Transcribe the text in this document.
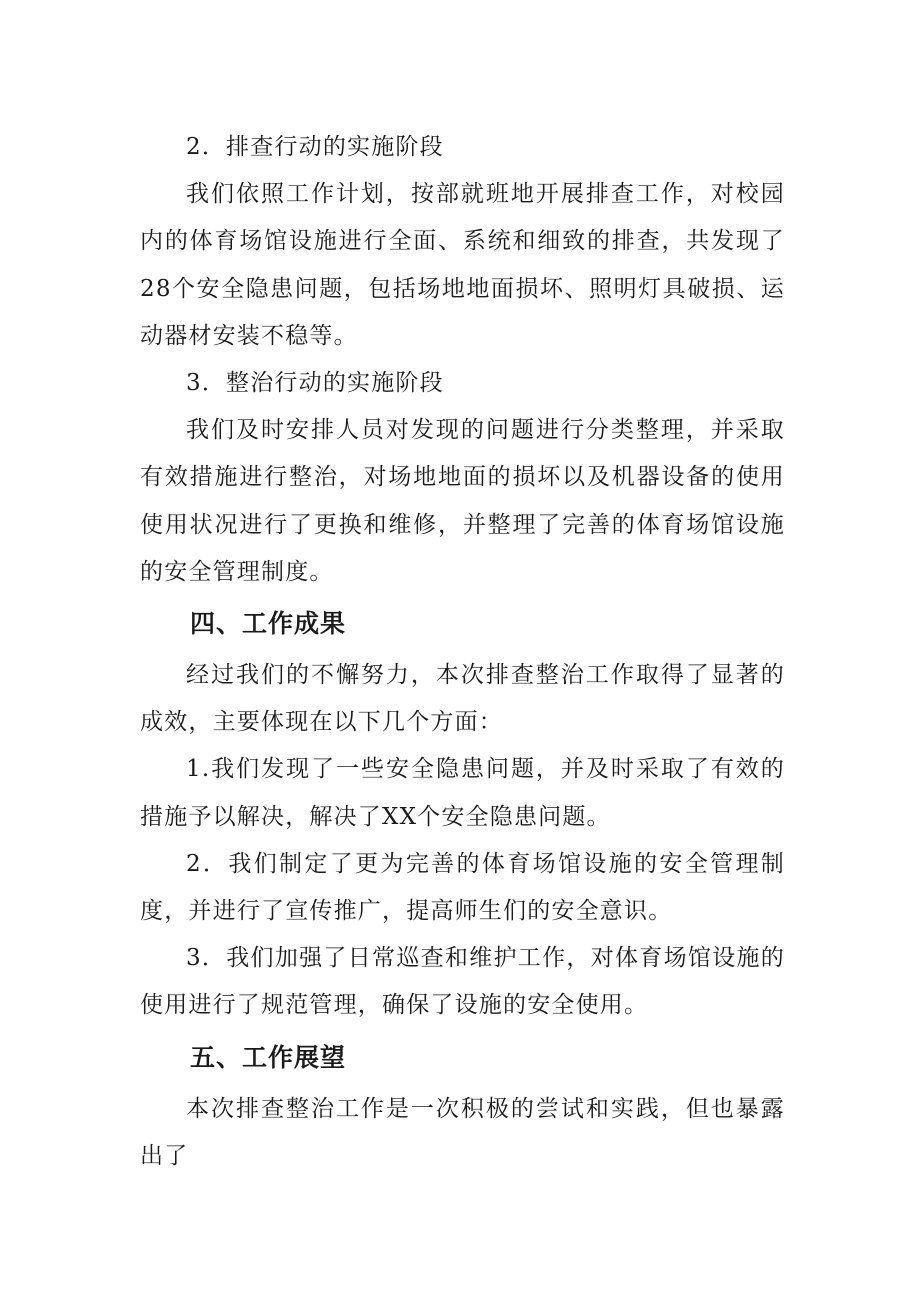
2．排查行动的实施阶段

我们依照工作计划，按部就班地开展排查工作，对校园内的体育场馆设施进行全面、系统和细致的排查，共发现了28个安全隐患问题，包括场地地面损坏、照明灯具破损、运动器材安装不稳等。

3．整治行动的实施阶段

我们及时安排人员对发现的问题进行分类整理，并采取有效措施进行整治，对场地地面的损坏以及机器设备的使用使用状况进行了更换和维修，并整理了完善的体育场馆设施的安全管理制度。

四、工作成果

经过我们的不懈努力，本次排查整治工作取得了显著的成效，主要体现在以下几个方面：

1.我们发现了一些安全隐患问题，并及时采取了有效的措施予以解决，解决了XX个安全隐患问题。

2．我们制定了更为完善的体育场馆设施的安全管理制度，并进行了宣传推广，提高师生们的安全意识。

3．我们加强了日常巡查和维护工作，对体育场馆设施的使用进行了规范管理，确保了设施的安全使用。

五、工作展望

本次排查整治工作是一次积极的尝试和实践，但也暴露出了
